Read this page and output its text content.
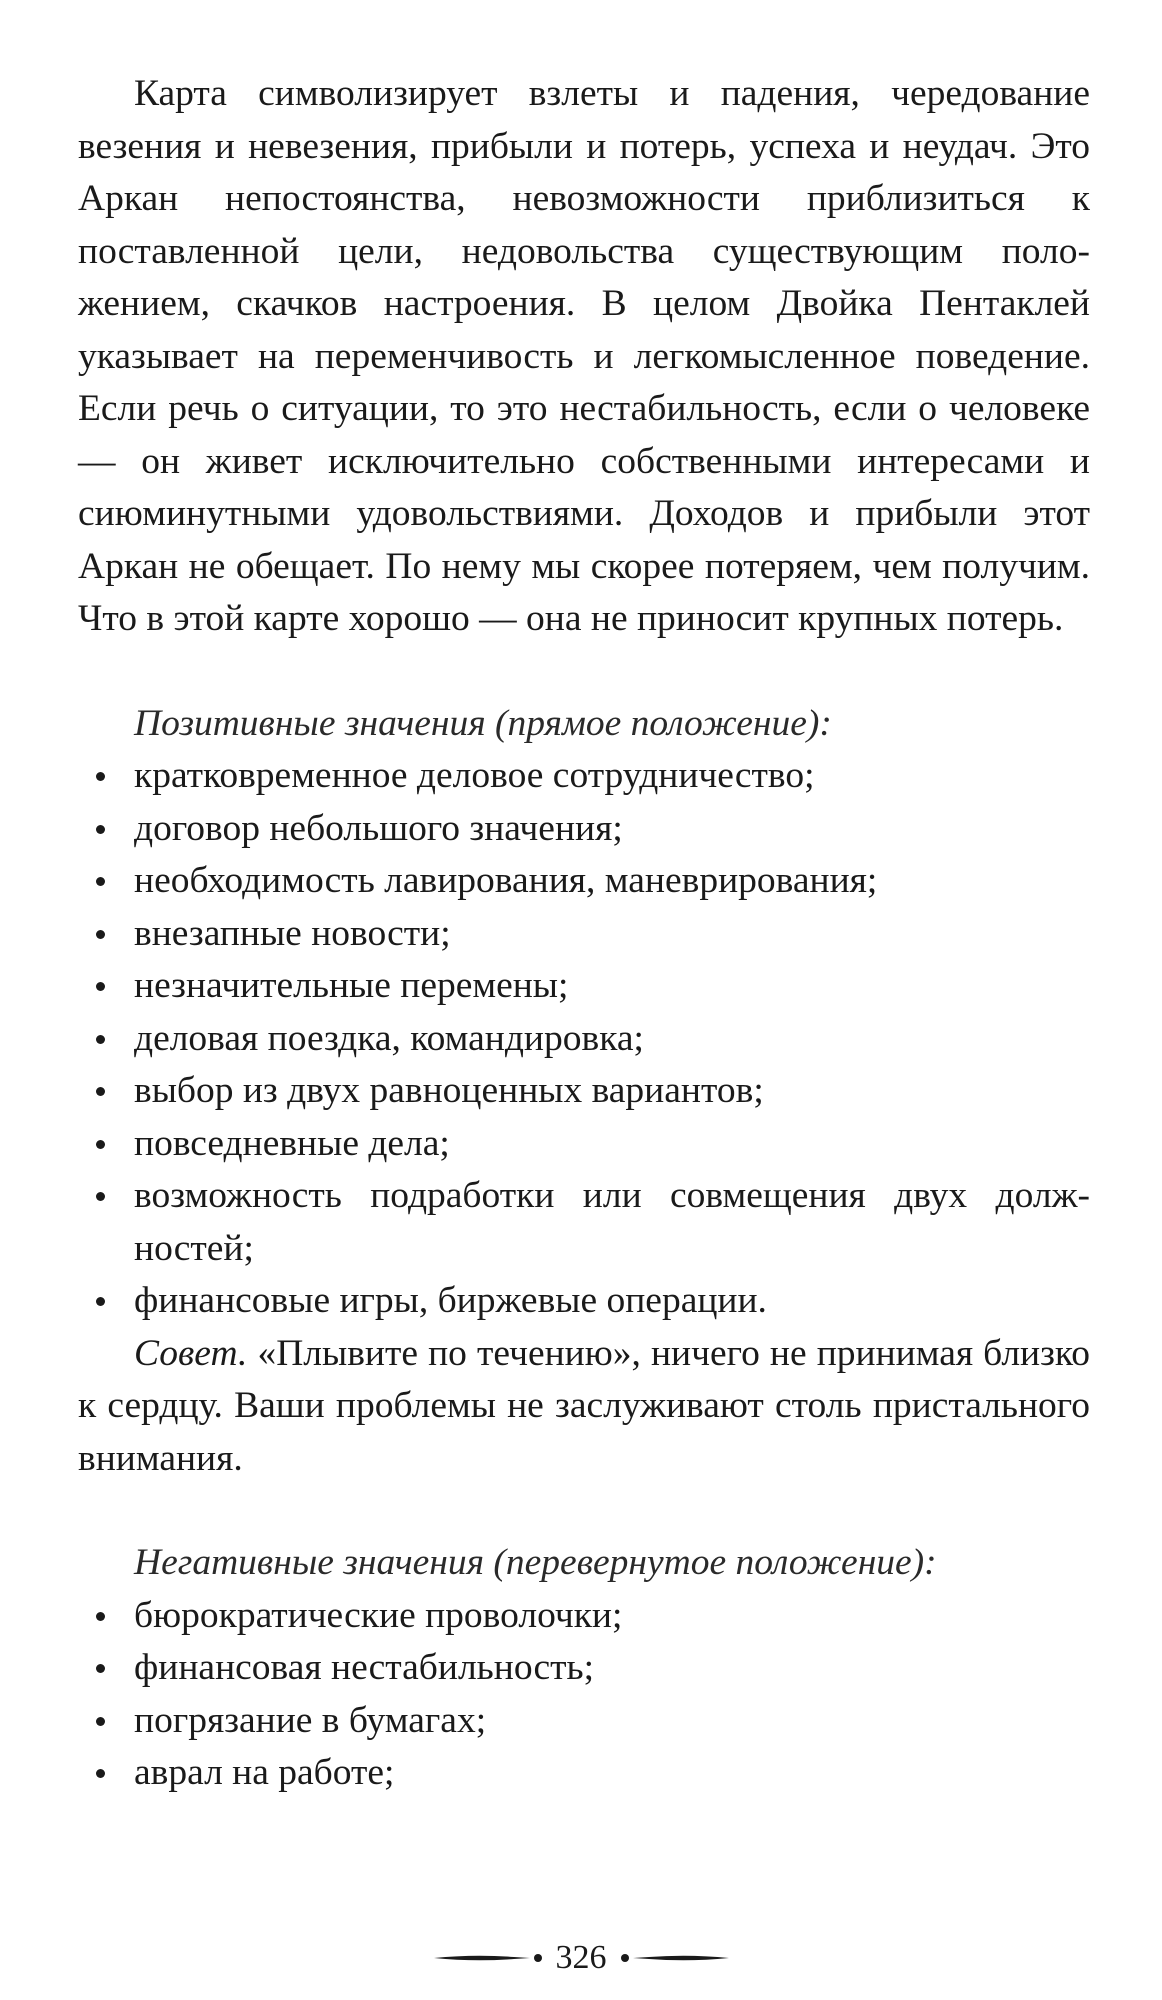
Карта символизирует взлеты и падения, чередование везения и невезения, прибыли и потерь, успеха и неудач. Это Аркан непостоянства, невозможности приблизиться к поставленной цели, недовольства существующим положением, скачков настроения. В целом Двойка Пентаклей указывает на переменчивость и легкомысленное поведение. Если речь о ситуации, то это нестабильность, если о человеке — он живет исключительно собственными интересами и сиюминутными удовольствиями. Доходов и прибыли этот Аркан не обещает. По нему мы скорее потеряем, чем получим. Что в этой карте хорошо — она не приносит крупных потерь.

Позитивные значения (прямое положение):
кратковременное деловое сотрудничество;
договор небольшого значения;
необходимость лавирования, маневрирования;
внезапные новости;
незначительные перемены;
деловая поездка, командировка;
выбор из двух равноценных вариантов;
повседневные дела;
возможность подработки или совмещения двух должностей;
финансовые игры, биржевые операции.

Совет. «Плывите по течению», ничего не принимая близко к сердцу. Ваши проблемы не заслуживают столь пристального внимания.

Негативные значения (перевернутое положение):
бюрократические проволочки;
финансовая нестабильность;
погрязание в бумагах;
аврал на работе;
326
